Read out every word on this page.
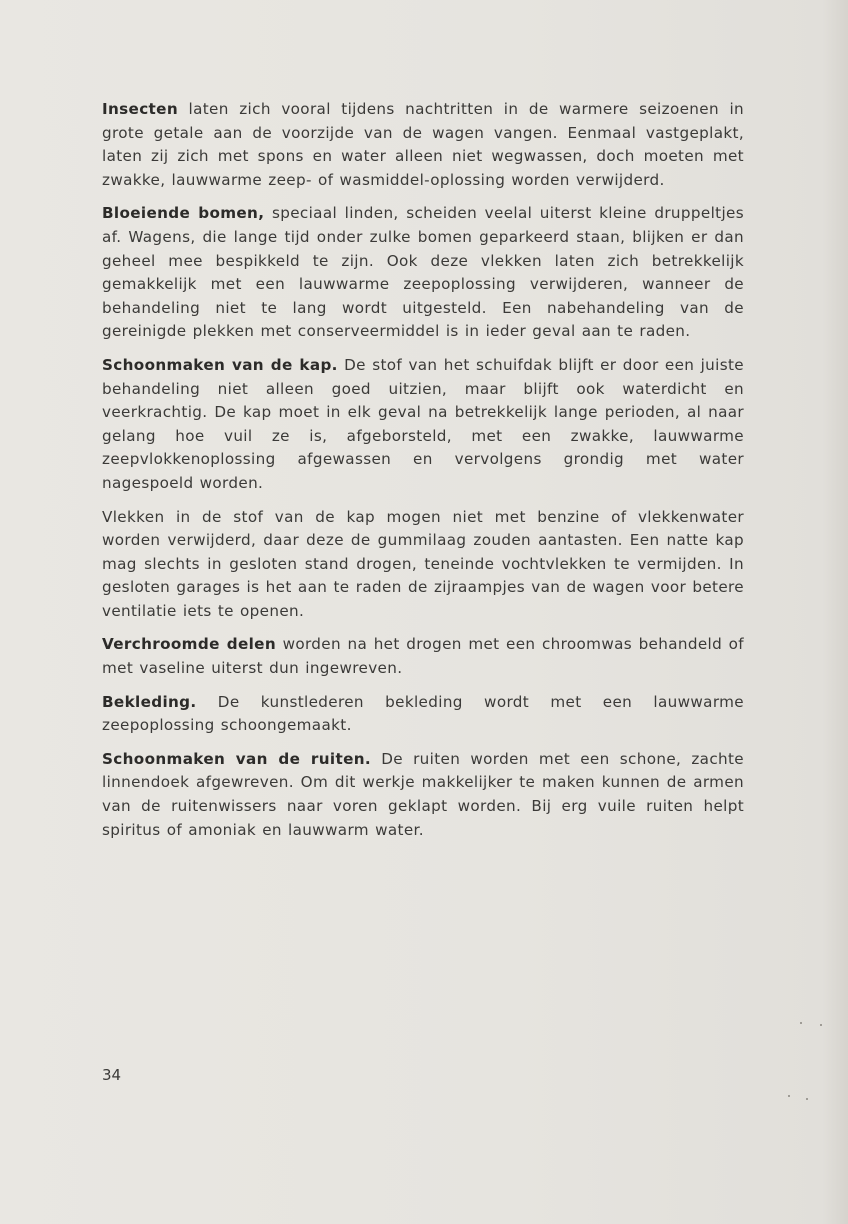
Insecten laten zich vooral tijdens nachtritten in de warmere seizoenen in grote getale aan de voorzijde van de wagen vangen. Eenmaal vastgeplakt, laten zij zich met spons en water alleen niet wegwassen, doch moeten met zwakke, lauwwarme zeep- of wasmiddel-oplossing worden verwijderd.

Bloeiende bomen, speciaal linden, scheiden veelal uiterst kleine druppeltjes af. Wagens, die lange tijd onder zulke bomen geparkeerd staan, blijken er dan geheel mee bespikkeld te zijn. Ook deze vlekken laten zich betrekkelijk gemakkelijk met een lauwwarme zeepoplossing verwijderen, wanneer de behandeling niet te lang wordt uitgesteld. Een nabehandeling van de gereinigde plekken met conserveermiddel is in ieder geval aan te raden.

Schoonmaken van de kap. De stof van het schuifdak blijft er door een juiste behandeling niet alleen goed uitzien, maar blijft ook waterdicht en veerkrachtig. De kap moet in elk geval na betrekkelijk lange perioden, al naar gelang hoe vuil ze is, afgeborsteld, met een zwakke, lauwwarme zeepvlokkenoplossing afgewassen en vervolgens grondig met water nagespoeld worden.

Vlekken in de stof van de kap mogen niet met benzine of vlekkenwater worden verwijderd, daar deze de gummilaag zouden aantasten. Een natte kap mag slechts in gesloten stand drogen, teneinde vochtvlekken te vermijden. In gesloten garages is het aan te raden de zijraampjes van de wagen voor betere ventilatie iets te openen.

Verchroomde delen worden na het drogen met een chroomwas behandeld of met vaseline uiterst dun ingewreven.

Bekleding. De kunstlederen bekleding wordt met een lauwwarme zeepoplossing schoongemaakt.

Schoonmaken van de ruiten. De ruiten worden met een schone, zachte linnendoek afgewreven. Om dit werkje makkelijker te maken kunnen de armen van de ruitenwissers naar voren geklapt worden. Bij erg vuile ruiten helpt spiritus of amoniak en lauwwarm water.

34
